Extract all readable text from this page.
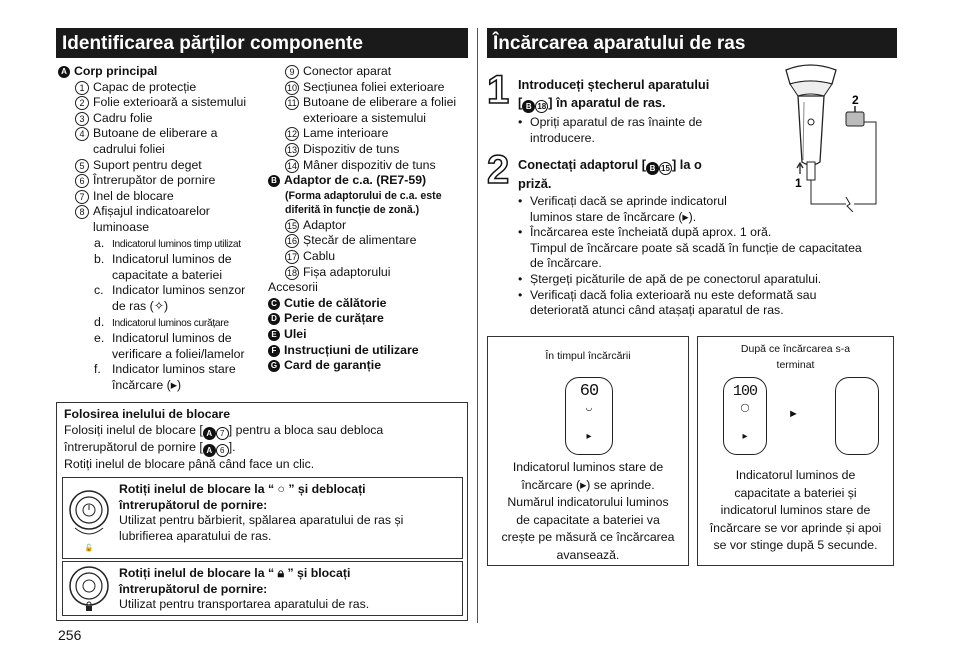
Identificarea părților componente
A Corp principal
1 Capac de protecție
2 Folie exterioară a sistemului
3 Cadru folie
4 Butoane de eliberare a
cadrului foliei
5 Suport pentru deget
6 Întrerupător de pornire
7 Inel de blocare
8 Afișajul indicatoarelor
luminoase
a. Indicatorul luminos timp utilizat
b. Indicatorul luminos de
capacitate a bateriei
c. Indicator luminos senzor
de ras (✧)
d. Indicatorul luminos curățare
e. Indicatorul luminos de
verificare a foliei/lamelor
f. Indicator luminos stare
încărcare (▸)
9 Conector aparat
10 Secțiunea foliei exterioare
11 Butoane de eliberare a foliei
exterioare a sistemului
12 Lame interioare
13 Dispozitiv de tuns
14 Mâner dispozitiv de tuns
B Adaptor de c.a. (RE7-59)
(Forma adaptorului de c.a. este
diferită în funcție de zonă.)
15 Adaptor
16 Ștecăr de alimentare
17 Cablu
18 Fișa adaptorului
Accesorii
C Cutie de călătorie
D Perie de curățare
E Ulei
F Instrucțiuni de utilizare
G Card de garanție
Folosirea inelului de blocare
Folosiți inelul de blocare [ A 7 ] pentru a bloca sau debloca
întrerupătorul de pornire [ A 6 ].
Rotiți inelul de blocare până când face un clic.
🔓
Rotiți inelul de blocare la “ ○ ” și deblocați
întrerupătorul de pornire:
Utilizat pentru bărbierit, spălarea aparatului de ras și
lubrifierea aparatului de ras.
Rotiți inelul de blocare la “ 🔒︎ ” și blocați
întrerupătorul de pornire:
Utilizat pentru transportarea aparatului de ras.
256
Încărcarea aparatului de ras
1 Introduceți ștecherul aparatului
[ B 18 ] în aparatul de ras.
• Opriți aparatul de ras înainte de
introducere.
2 Conectați adaptorul [ B 15 ] la o
priză.
• Verificați dacă se aprinde indicatorul
luminos stare de încărcare (▸).
• Încărcarea este încheiată după aprox. 1 oră.
Timpul de încărcare poate să scadă în funcție de capacitatea
de încărcare.
• Ștergeți picăturile de apă de pe conectorul aparatului.
• Verificați dacă folia exterioară nu este deformată sau
deteriorată atunci când atașați aparatul de ras.
1
2
În timpul încărcării
60
◡
▸
Indicatorul luminos stare de
încărcare (▸) se aprinde.
Numărul indicatorului luminos
de capacitate a bateriei va
crește pe măsură ce încărcarea
avansează.
După ce încărcarea s-a
terminat
100
◯
▸
►
Indicatorul luminos de
capacitate a bateriei și
indicatorul luminos stare de
încărcare se vor aprinde și apoi
se vor stinge după 5 secunde.
